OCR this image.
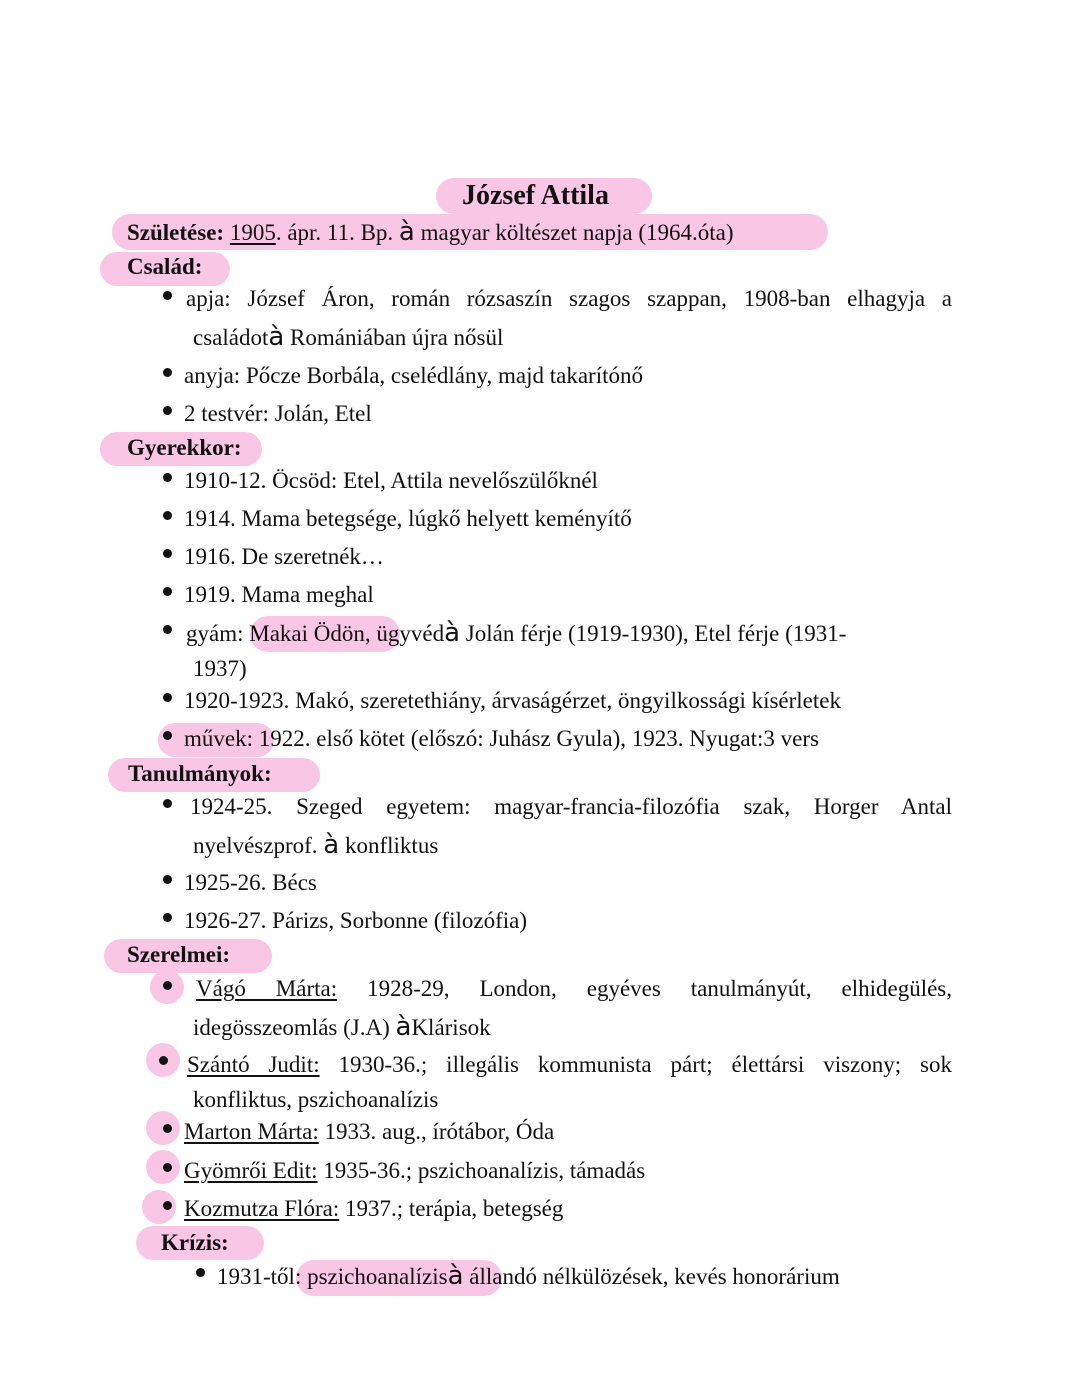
József Attila
Születése: 1905. ápr. 11. Bp. à magyar költészet napja (1964.óta)
Család:
apja: József Áron, román rózsaszín szagos szappan, 1908-ban elhagyja a
családotà Romániában újra nősül
anyja: Pőcze Borbála, cselédlány, majd takarítónő
2 testvér: Jolán, Etel
Gyerekkor:
1910-12. Öcsöd: Etel, Attila nevelőszülőknél
1914. Mama betegsége, lúgkő helyett keményítő
1916. De szeretnék…
1919. Mama meghal
gyám: Makai Ödön, ügyvédà Jolán férje (1919-1930), Etel férje (1931-
1937)
1920-1923. Makó, szeretethiány, árvaságérzet, öngyilkossági kísérletek
művek: 1922. első kötet (előszó: Juhász Gyula), 1923. Nyugat:3 vers
Tanulmányok:
1924-25. Szeged egyetem: magyar-francia-filozófia szak, Horger Antal
nyelvészprof. à konfliktus
1925-26. Bécs
1926-27. Párizs, Sorbonne (filozófia)
Szerelmei:
Vágó Márta: 1928-29, London, egyéves tanulmányút, elhidegülés,
idegösszeomlás (J.A) àKlárisok
Szántó Judit: 1930-36.; illegális kommunista párt; élettársi viszony; sok
konfliktus, pszichoanalízis
Marton Márta: 1933. aug., írótábor, Óda
Gyömrői Edit: 1935-36.; pszichoanalízis, támadás
Kozmutza Flóra: 1937.; terápia, betegség
Krízis:
1931-től: pszichoanalízisà állandó nélkülözések, kevés honorárium
